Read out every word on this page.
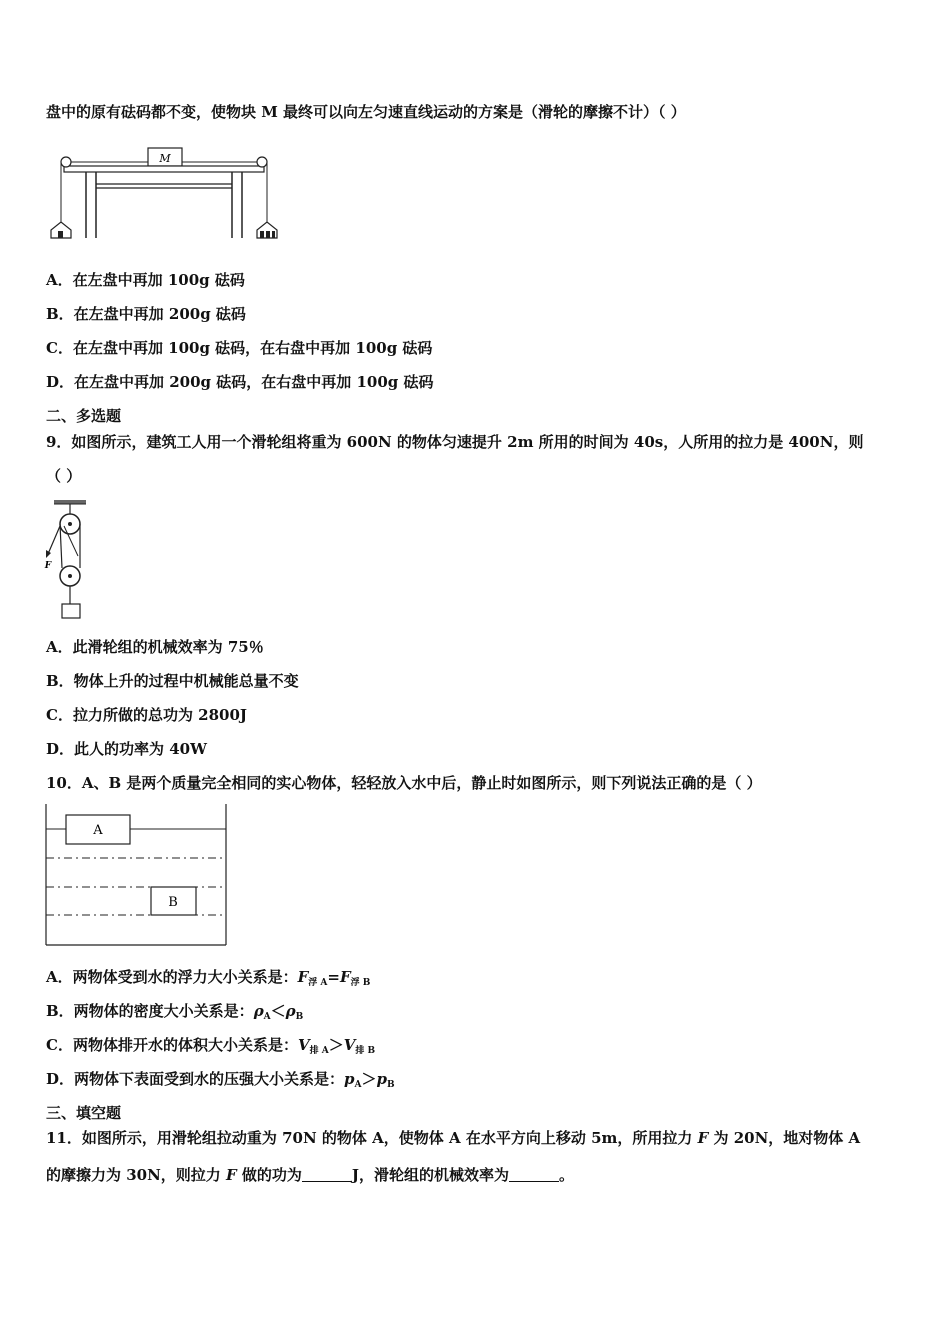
盘中的原有砝码都不变，使物块 M 最终可以向左匀速直线运动的方案是（滑轮的摩擦不计）（ ）
M
A．在左盘中再加 100g 砝码
B．在左盘中再加 200g 砝码
C．在左盘中再加 100g 砝码，在右盘中再加 100g 砝码
D．在左盘中再加 200g 砝码，在右盘中再加 100g 砝码
二、多选题
9．如图所示，建筑工人用一个滑轮组将重为 600N 的物体匀速提升 2m 所用的时间为 40s，人所用的拉力是 400N，则
（ ）
F
A．此滑轮组的机械效率为 75％
B．物体上升的过程中机械能总量不变
C．拉力所做的总功为 2800J
D．此人的功率为 40W
10．A、B 是两个质量完全相同的实心物体，轻轻放入水中后，静止时如图所示，则下列说法正确的是（ ）
A
B
A．两物体受到水的浮力大小关系是：$F_{浮 A}=F_{浮 B}$
B．两物体的密度大小关系是：$\rho_A<\rho_B$
C．两物体排开水的体积大小关系是：$V_{排 A}>V_{排 B}$
D．两物体下表面受到水的压强大小关系是：$p_A>p_B$
三、填空题
11．如图所示，用滑轮组拉动重为 70N 的物体 A，使物体 A 在水平方向上移动 5m，所用拉力 F 为 20N，地对物体 A
的摩擦力为 30N，则拉力 F 做的功为	J，滑轮组的机械效率为	。
